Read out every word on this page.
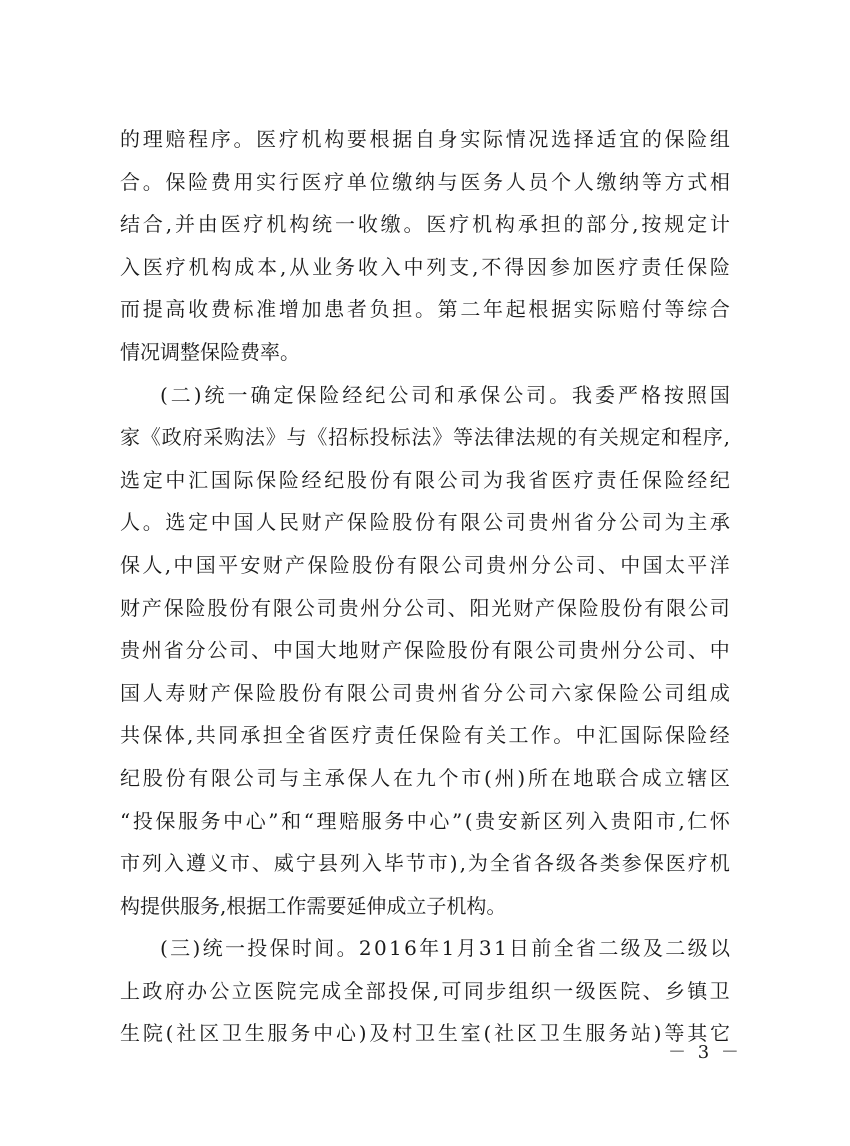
的 理 赔 程 序 。 医 疗 机 构 要 根 据 自 身 实 际 情 况 选 择 适 宜 的 保 险 组
合 。 保 险 费 用 实 行 医 疗 单 位 缴 纳 与 医 务 人 员 个 人 缴 纳 等 方 式 相
结 合 , 并 由 医 疗 机 构 统 一 收 缴 。 医 疗 机 构 承 担 的 部 分 , 按 规 定 计
入 医 疗 机 构 成 本 , 从 业 务 收 入 中 列 支 , 不 得 因 参 加 医 疗 责 任 保 险
而 提 高 收 费 标 准 增 加 患 者 负 担 。 第 二 年 起 根 据 实 际 赔 付 等 综 合
情况调整保险费率。
( 二 ) 统 一 确 定 保 险 经 纪 公 司 和 承 保 公 司 。 我 委 严 格 按 照 国
家 《 政 府 采 购 法 》 与 《 招 标 投 标 法 》 等 法 律 法 规 的 有 关 规 定 和 程 序 ,
选 定 中 汇 国 际 保 险 经 纪 股 份 有 限 公 司 为 我 省 医 疗 责 任 保 险 经 纪
人 。 选 定 中 国 人 民 财 产 保 险 股 份 有 限 公 司 贵 州 省 分 公 司 为 主 承
保 人 , 中 国 平 安 财 产 保 险 股 份 有 限 公 司 贵 州 分 公 司 、 中 国 太 平 洋
财 产 保 险 股 份 有 限 公 司 贵 州 分 公 司 、 阳 光 财 产 保 险 股 份 有 限 公 司
贵 州 省 分 公 司 、 中 国 大 地 财 产 保 险 股 份 有 限 公 司 贵 州 分 公 司 、 中
国 人 寿 财 产 保 险 股 份 有 限 公 司 贵 州 省 分 公 司 六 家 保 险 公 司 组 成
共 保 体 , 共 同 承 担 全 省 医 疗 责 任 保 险 有 关 工 作 。 中 汇 国 际 保 险 经
纪 股 份 有 限 公 司 与 主 承 保 人 在 九 个 市 ( 州 ) 所 在 地 联 合 成 立 辖 区
“ 投 保 服 务 中 心 ” 和 “ 理 赔 服 务 中 心 ” ( 贵 安 新 区 列 入 贵 阳 市 , 仁 怀
市 列 入 遵 义 市 、 威 宁 县 列 入 毕 节 市 ) , 为 全 省 各 级 各 类 参 保 医 疗 机
构提供服务,根据工作需要延伸成立子机构。
( 三 ) 统 一 投 保 时 间 。 2 0 1 6 年 1 月 3 1 日 前 全 省 二 级 及 二 级 以
上 政 府 办 公 立 医 院 完 成 全 部 投 保 , 可 同 步 组 织 一 级 医 院 、 乡 镇 卫
生 院 ( 社 区 卫 生 服 务 中 心 ) 及 村 卫 生 室 ( 社 区 卫 生 服 务 站 ) 等 其 它
－ 3 －
